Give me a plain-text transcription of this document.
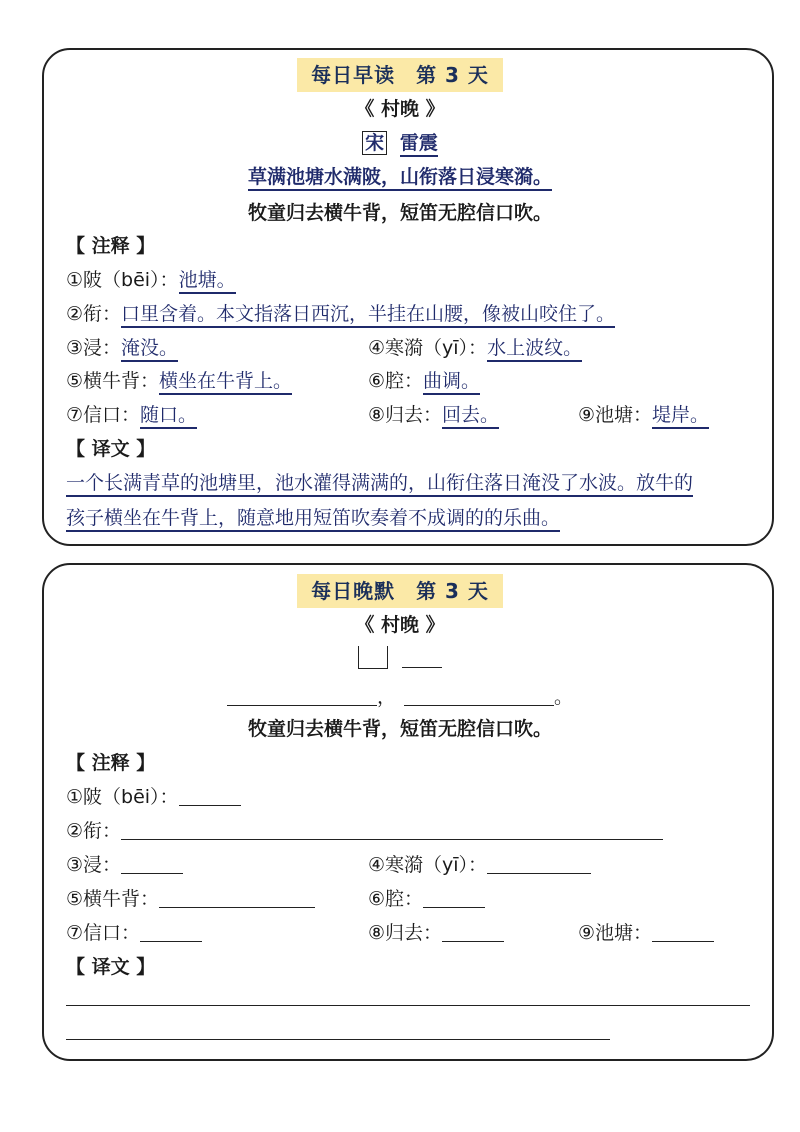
每日早读　第 3 天
《 村晚 》
宋 雷震
草满池塘水满陂，山衔落日浸寒漪。
牧童归去横牛背，短笛无腔信口吹。
【 注释 】
①陂（bēi）：池塘。
②衔：口里含着。本文指落日西沉，半挂在山腰，像被山咬住了。
③浸：淹没。	④寒漪（yī）：水上波纹。
⑤横牛背：横坐在牛背上。	⑥腔：曲调。
⑦信口：随口。	⑧归去：回去。	⑨池塘：堤岸。
【 译文 】
一个长满青草的池塘里，池水灌得满满的，山衔住落日淹没了水波。放牛的
孩子横坐在牛背上，随意地用短笛吹奏着不成调的的乐曲。
每日晚默　第 3 天
《 村晚 》

，	。
牧童归去横牛背，短笛无腔信口吹。
【 注释 】
①陂（bēi）：
②衔：
③浸：	④寒漪（yī）：
⑤横牛背：	⑥腔：
⑦信口：	⑧归去：	⑨池塘：
【 译文 】
